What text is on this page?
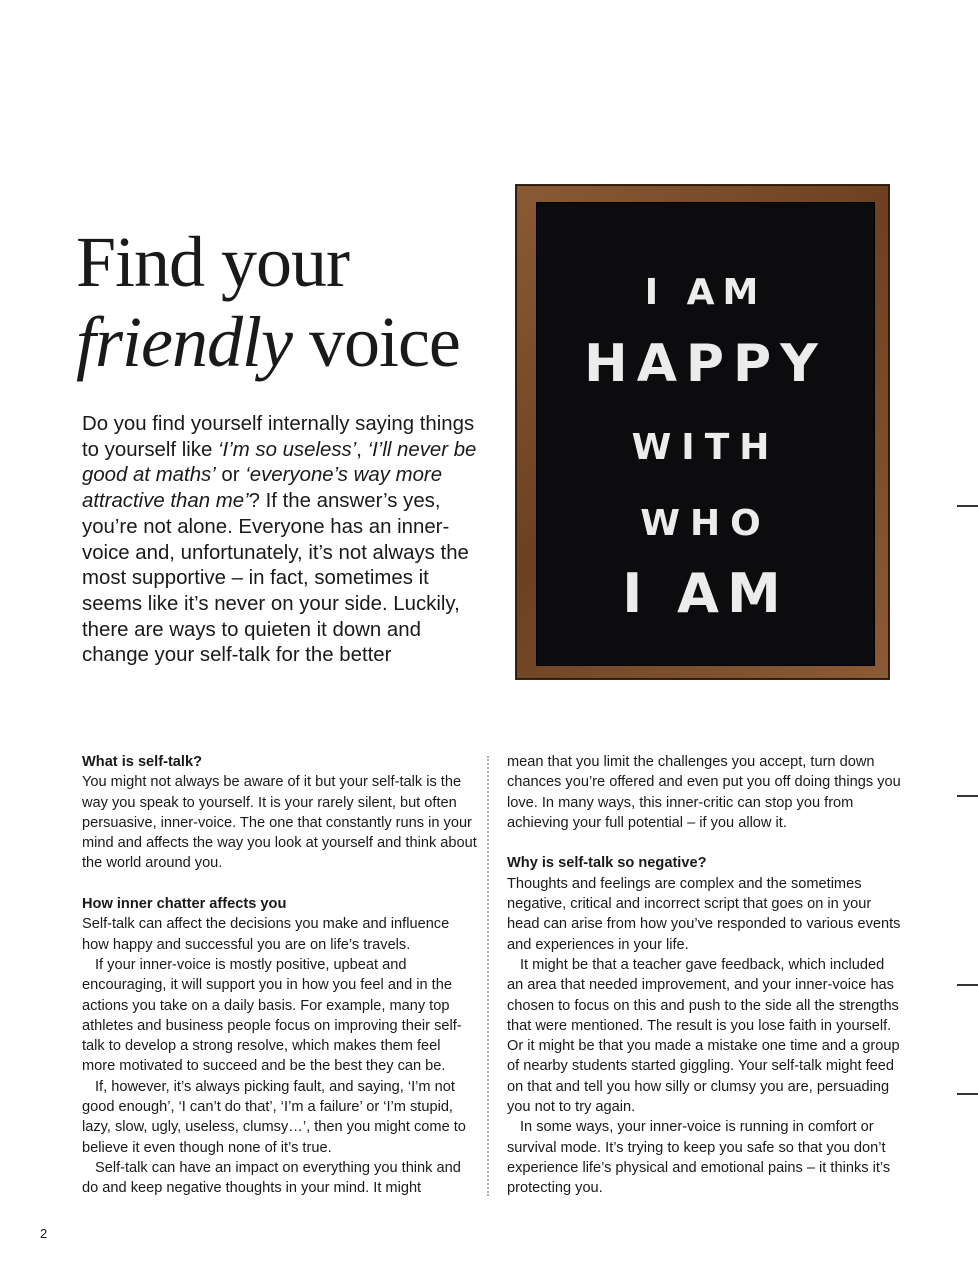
Find your
friendly voice

Do you find yourself internally saying things to yourself like ‘I’m so useless’, ‘I’ll never be good at maths’ or ‘everyone’s way more attractive than me’? If the answer’s yes, you’re not alone. Everyone has an inner-voice and, unfortunately, it’s not always the most supportive – in fact, sometimes it seems like it’s never on your side. Luckily, there are ways to quieten it down and change your self-talk for the better

I AM
HAPPY
WITH
WHO
I AM
What is self-talk?

You might not always be aware of it but your self-talk is the way you speak to yourself. It is your rarely silent, but often persuasive, inner-voice. The one that constantly runs in your mind and affects the way you look at yourself and think about the world around you.

How inner chatter affects you

Self-talk can affect the decisions you make and influence how happy and successful you are on life’s travels.

If your inner-voice is mostly positive, upbeat and encouraging, it will support you in how you feel and in the actions you take on a daily basis. For example, many top athletes and business people focus on improving their self-talk to develop a strong resolve, which makes them feel more motivated to succeed and be the best they can be.

If, however, it’s always picking fault, and saying, ‘I’m not good enough’, ‘I can’t do that’, ‘I’m a failure’ or ‘I’m stupid, lazy, slow, ugly, useless, clumsy…’, then you might come to believe it even though none of it’s true.

Self-talk can have an impact on everything you think and do and keep negative thoughts in your mind. It might

mean that you limit the challenges you accept, turn down chances you’re offered and even put you off doing things you love. In many ways, this inner-critic can stop you from achieving your full potential – if you allow it.

Why is self-talk so negative?

Thoughts and feelings are complex and the sometimes negative, critical and incorrect script that goes on in your head can arise from how you’ve responded to various events and experiences in your life.

It might be that a teacher gave feedback, which included an area that needed improvement, and your inner-voice has chosen to focus on this and push to the side all the strengths that were mentioned. The result is you lose faith in yourself. Or it might be that you made a mistake one time and a group of nearby students started giggling. Your self-talk might feed on that and tell you how silly or clumsy you are, persuading you not to try again.

In some ways, your inner-voice is running in comfort or survival mode. It’s trying to keep you safe so that you don’t experience life’s physical and emotional pains – it thinks it’s protecting you.

2
